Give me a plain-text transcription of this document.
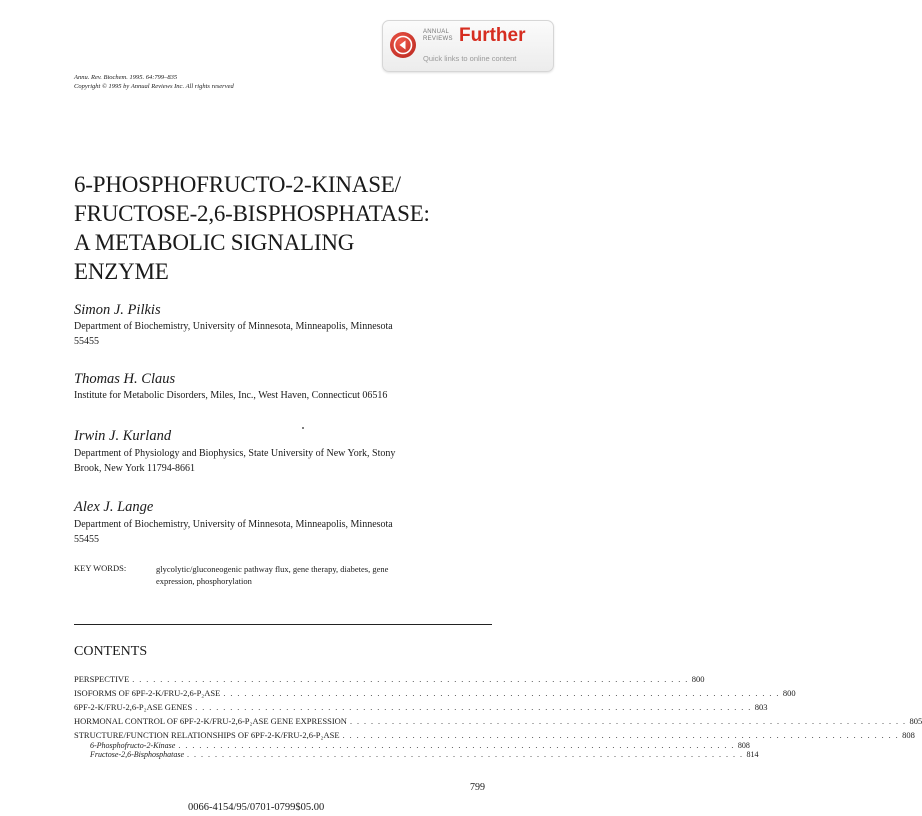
ANNUAL
REVIEWS Further
Quick links to online content
Annu. Rev. Biochem. 1995. 64:799–835
Copyright © 1995 by Annual Reviews Inc. All rights reserved
6-PHOSPHOFRUCTO-2-KINASE/
FRUCTOSE-2,6-BISPHOSPHATASE:
A METABOLIC SIGNALING
ENZYME
Simon J. Pilkis
Department of Biochemistry, University of Minnesota, Minneapolis, Minnesota
55455
Thomas H. Claus
Institute for Metabolic Disorders, Miles, Inc., West Haven, Connecticut 06516
Irwin J. Kurland
Department of Physiology and Biophysics, State University of New York, Stony
Brook, New York 11794-8661
Alex J. Lange
Department of Biochemistry, University of Minnesota, Minneapolis, Minnesota
55455
KEY WORDS:	glycolytic/gluconeogenic pathway flux, gene therapy, diabetes, gene
expression, phosphorylation
CONTENTS
PERSPECTIVE . . . . . . . . . . . . . . . . . . . . . . . . . . . . . . . . . . . . . . . . . . . . . . . . . . . . . . . . . . . . . . . . . . . . . . . . . . . . . . . . 800
ISOFORMS OF 6PF-2-K/FRU-2,6-P₂ASE . . . . . . . . . . . . . . . . . . . . . . . . . . . . . . . . . . . . . . . . . . . . . . . . . . . . . . . . . . . . . . . . . . . . . . . . . . . . . . . . 800
6PF-2-K/FRU-2,6-P₂ASE GENES . . . . . . . . . . . . . . . . . . . . . . . . . . . . . . . . . . . . . . . . . . . . . . . . . . . . . . . . . . . . . . . . . . . . . . . . . . . . . . . . 803
HORMONAL CONTROL OF 6PF-2-K/FRU-2,6-P₂ASE GENE EXPRESSION . . . . . . . . . . . . . . . . . . . . . . . . . . . . . . . . . . . . . . . . . . . . . . . . . . . . . . . . . . . . . . . . . . . . . . . . . . . . . . . . 805
STRUCTURE/FUNCTION RELATIONSHIPS OF 6PF-2-K/FRU-2,6-P₂ASE . . . . . . . . . . . . . . . . . . . . . . . . . . . . . . . . . . . . . . . . . . . . . . . . . . . . . . . . . . . . . . . . . . . . . . . . . . . . . . . . 808
6-Phosphofructo-2-Kinase . . . . . . . . . . . . . . . . . . . . . . . . . . . . . . . . . . . . . . . . . . . . . . . . . . . . . . . . . . . . . . . . . . . . . . . . . . . . . . . . 808
Fructose-2,6-Bisphosphatase . . . . . . . . . . . . . . . . . . . . . . . . . . . . . . . . . . . . . . . . . . . . . . . . . . . . . . . . . . . . . . . . . . . . . . . . . . . . . . . . 814
799
0066-4154/95/0701-0799$05.00
